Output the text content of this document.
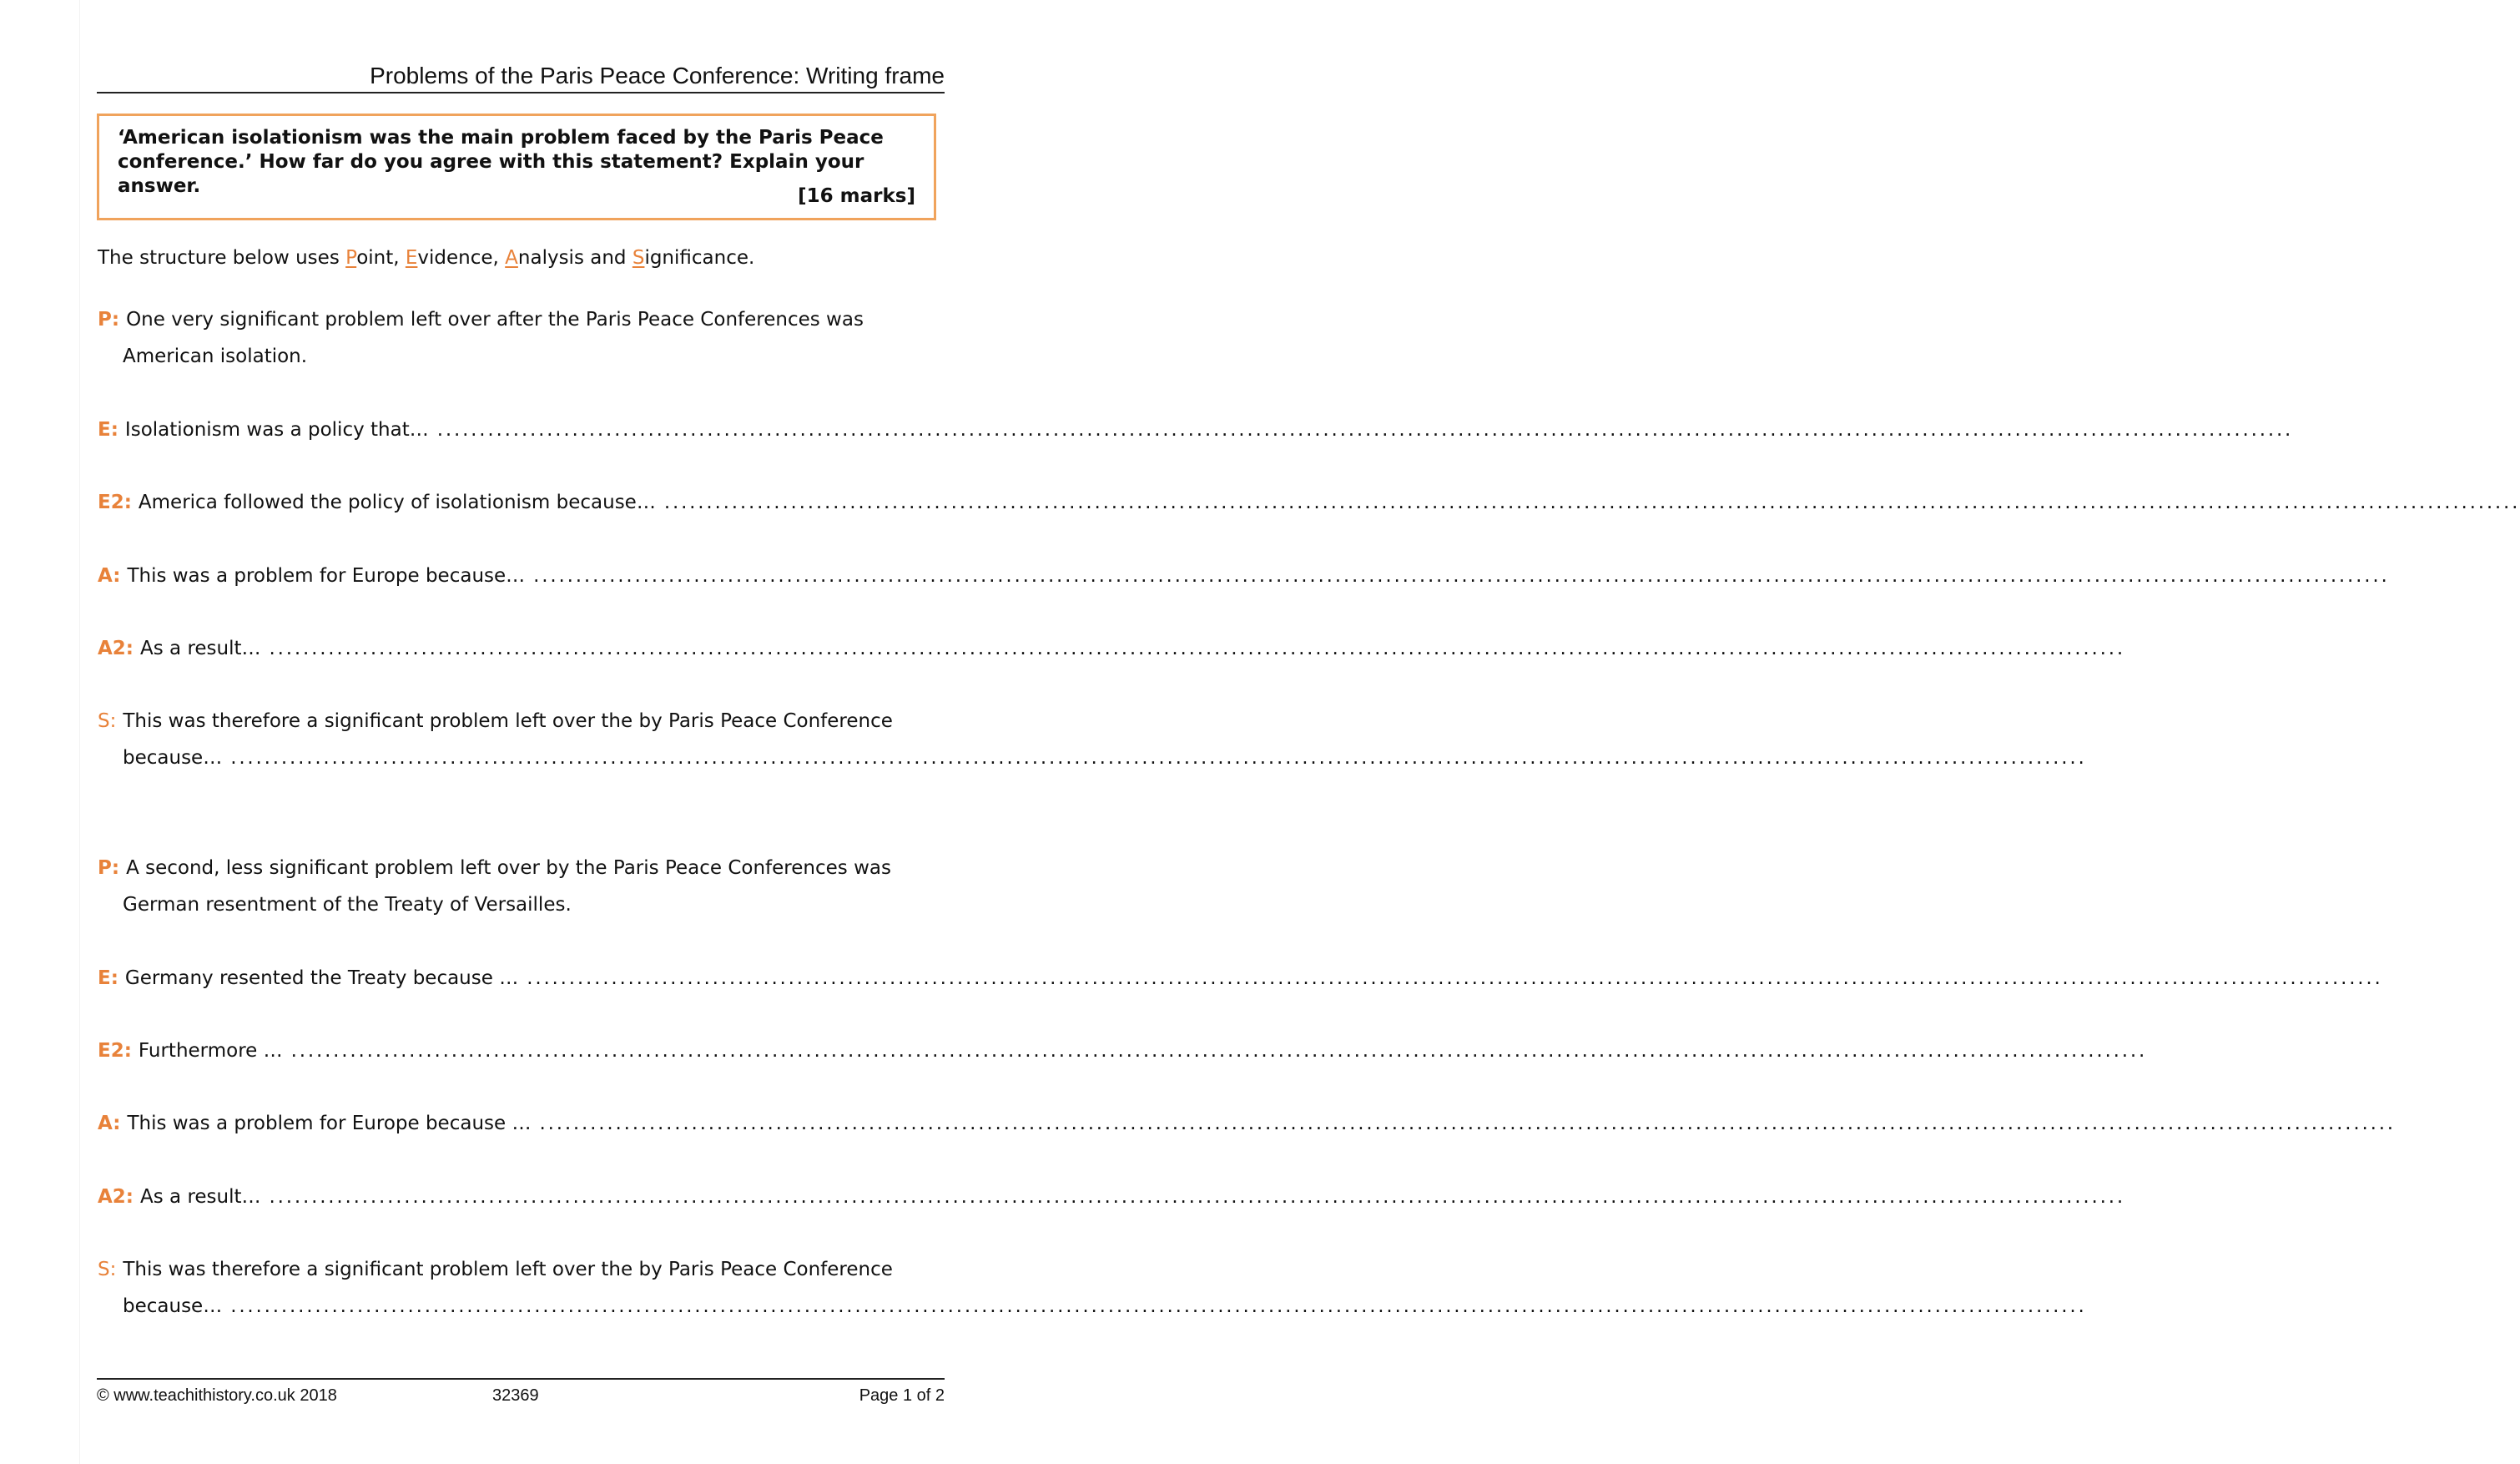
Problems of the Paris Peace Conference: Writing frame

‘American isolationism was the main problem faced by the Paris Peace conference.’ How far do you agree with this statement? Explain your answer.	[16 marks]
The structure below uses Point, Evidence, Analysis and Significance.
P: One very significant problem left over after the Paris Peace Conferences was
American isolation.
E: Isolationism was a policy that… ............................................................................................................................................................................................................................
E2: America followed the policy of isolationism because… ............................................................................................................................................................................................................................
A: This was a problem for Europe because… ............................................................................................................................................................................................................................
A2: As a result… ............................................................................................................................................................................................................................
S: This was therefore a significant problem left over the by Paris Peace Conference
because… ............................................................................................................................................................................................................................
P: A second, less significant problem left over by the Paris Peace Conferences was
German resentment of the Treaty of Versailles.
E: Germany resented the Treaty because … ............................................................................................................................................................................................................................
E2: Furthermore … ............................................................................................................................................................................................................................
A: This was a problem for Europe because … ............................................................................................................................................................................................................................
A2: As a result… ............................................................................................................................................................................................................................
S: This was therefore a significant problem left over the by Paris Peace Conference
because… ............................................................................................................................................................................................................................
© www.teachithistory.co.uk 2018	32369	Page 1 of 2
